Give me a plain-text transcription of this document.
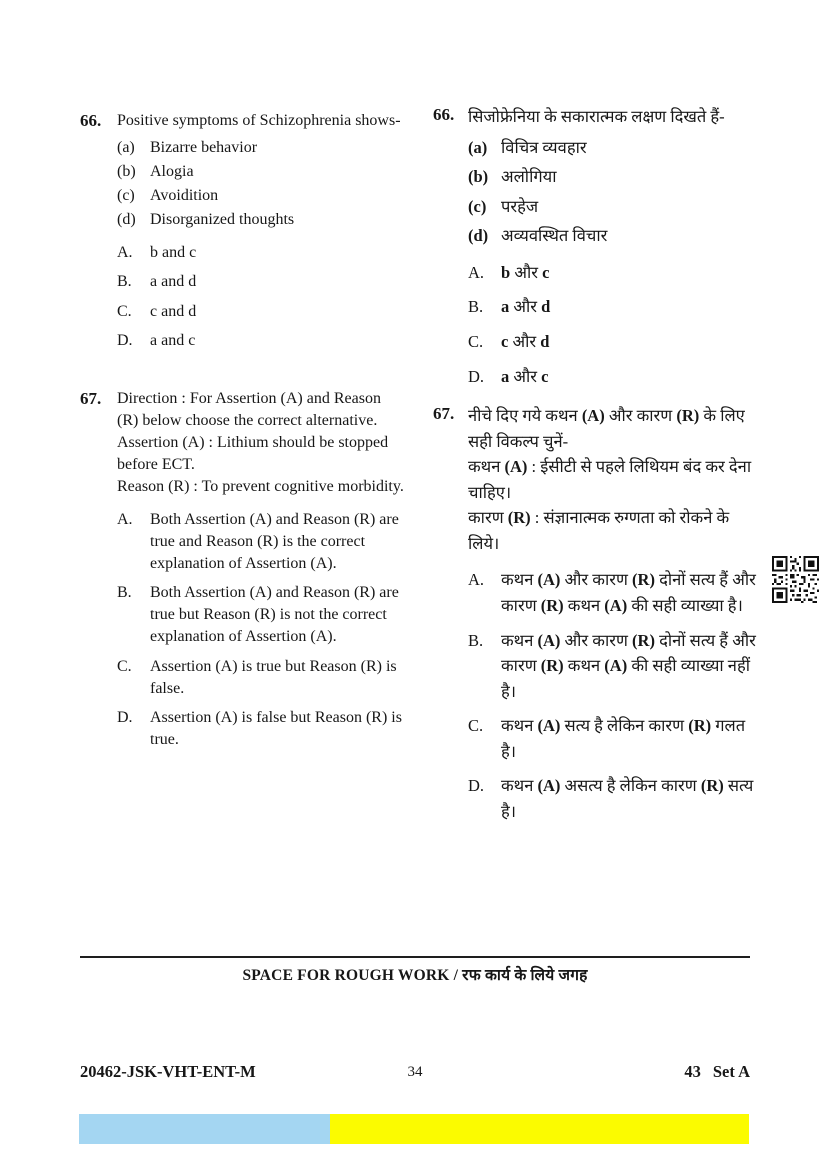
66. Positive symptoms of Schizophrenia shows-

(a) Bizarre behavior
(b) Alogia
(c) Avoidition
(d) Disorganized thoughts
A.	b and c
B.	a and d
C.	c and d
D.	a and c
67. Direction : For Assertion (A) and Reason (R) below choose the correct alternative.

Assertion (A) : Lithium should be stopped before ECT.

Reason (R) : To prevent cognitive morbidity.

A.	Both Assertion (A) and Reason (R) are true and Reason (R) is the correct explanation of Assertion (A).
B.	Both Assertion (A) and Reason (R) are true but Reason (R) is not the correct explanation of Assertion (A).
C.	Assertion (A) is true but Reason (R) is false.
D.	Assertion (A) is false but Reason (R) is true.
66. सिजोफ्रेनिया के सकारात्मक लक्षण दिखते हैं-

(a) विचित्र व्यवहार
(b) अलोगिया
(c) परहेज
(d) अव्यवस्थित विचार
A.	b और c
B.	a और d
C.	c और d
D.	a और c
67. नीचे दिए गये कथन (A) और कारण (R) के लिए सही विकल्प चुनें-

कथन (A) : ईसीटी से पहले लिथियम बंद कर देना चाहिए।

कारण (R) : संज्ञानात्मक रुग्णता को रोकने के लिये।

A.	कथन (A) और कारण (R) दोनों सत्य हैं और कारण (R) कथन (A) की सही व्याख्या है।
B.	कथन (A) और कारण (R) दोनों सत्य हैं और कारण (R) कथन (A) की सही व्याख्या नहीं है।
C.	कथन (A) सत्य है लेकिन कारण (R) गलत है।
D.	कथन (A) असत्य है लेकिन कारण (R) सत्य है।
SPACE FOR ROUGH WORK / रफ कार्य के लिये जगह
20462-JSK-VHT-ENT-M	34	43 Set A
